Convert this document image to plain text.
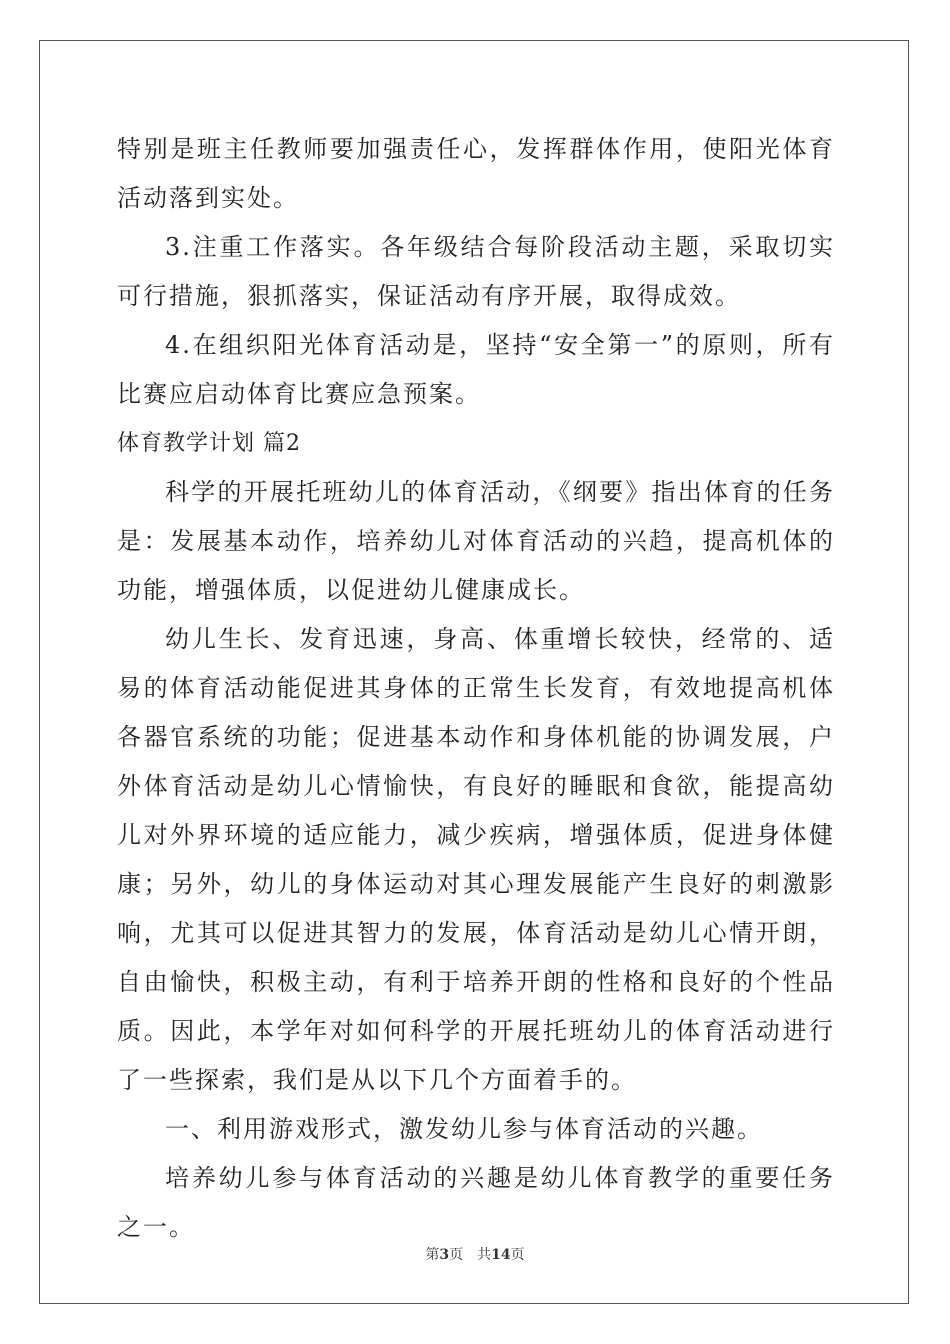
特别是班主任教师要加强责任心，发挥群体作用，使阳光体育活动落到实处。

3.注重工作落实。各年级结合每阶段活动主题，采取切实可行措施，狠抓落实，保证活动有序开展，取得成效。

4.在组织阳光体育活动是，坚持“安全第一”的原则，所有比赛应启动体育比赛应急预案。

体育教学计划 篇2

科学的开展托班幼儿的体育活动，《纲要》指出体育的任务是：发展基本动作，培养幼儿对体育活动的兴趋，提高机体的功能，增强体质，以促进幼儿健康成长。

幼儿生长、发育迅速，身高、体重增长较快，经常的、适易的体育活动能促进其身体的正常生长发育，有效地提高机体各器官系统的功能；促进基本动作和身体机能的协调发展，户外体育活动是幼儿心情愉快，有良好的睡眠和食欲，能提高幼儿对外界环境的适应能力，减少疾病，增强体质，促进身体健康；另外，幼儿的身体运动对其心理发展能产生良好的刺激影响，尤其可以促进其智力的发展，体育活动是幼儿心情开朗，自由愉快，积极主动，有利于培养开朗的性格和良好的个性品质。因此，本学年对如何科学的开展托班幼儿的体育活动进行了一些探索，我们是从以下几个方面着手的。

一、利用游戏形式，激发幼儿参与体育活动的兴趣。

培养幼儿参与体育活动的兴趣是幼儿体育教学的重要任务之一。

第3页 共14页
